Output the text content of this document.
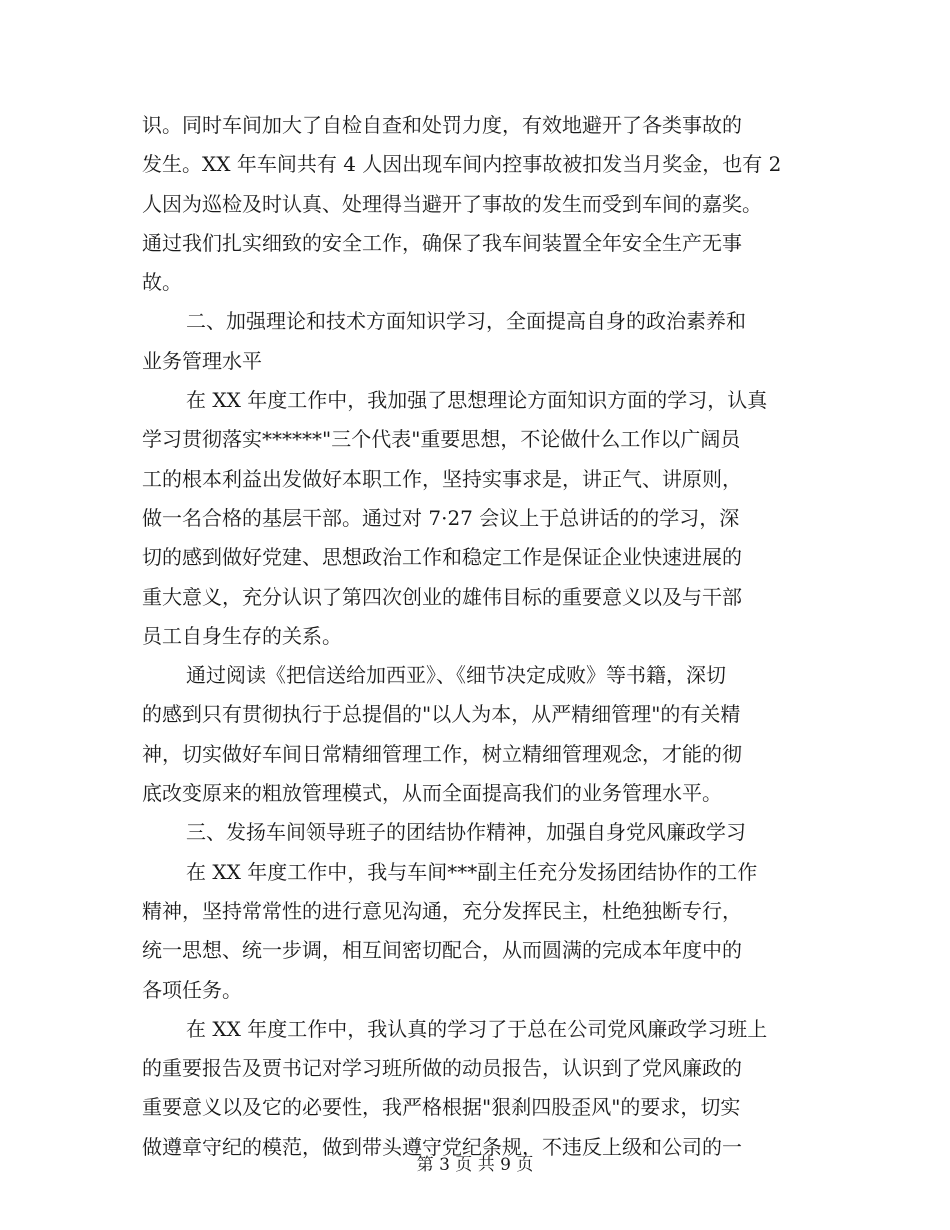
识。同时车间加大了自检自查和处罚力度，有效地避开了各类事故的
发生。XX 年车间共有 4 人因出现车间内控事故被扣发当月奖金，也有 2
人因为巡检及时认真、处理得当避开了事故的发生而受到车间的嘉奖。
通过我们扎实细致的安全工作，确保了我车间装置全年安全生产无事
故。
二、加强理论和技术方面知识学习，全面提高自身的政治素养和
业务管理水平
在 XX 年度工作中，我加强了思想理论方面知识方面的学习，认真
学习贯彻落实******"三个代表"重要思想，不论做什么工作以广阔员
工的根本利益出发做好本职工作，坚持实事求是，讲正气、讲原则，
做一名合格的基层干部。通过对 7·27 会议上于总讲话的的学习，深
切的感到做好党建、思想政治工作和稳定工作是保证企业快速进展的
重大意义，充分认识了第四次创业的雄伟目标的重要意义以及与干部
员工自身生存的关系。
通过阅读《把信送给加西亚》、《细节决定成败》等书籍，深切
的感到只有贯彻执行于总提倡的"以人为本，从严精细管理"的有关精
神，切实做好车间日常精细管理工作，树立精细管理观念，才能的彻
底改变原来的粗放管理模式，从而全面提高我们的业务管理水平。
三、发扬车间领导班子的团结协作精神，加强自身党风廉政学习
在 XX 年度工作中，我与车间***副主任充分发扬团结协作的工作
精神，坚持常常性的进行意见沟通，充分发挥民主，杜绝独断专行，
统一思想、统一步调，相互间密切配合，从而圆满的完成本年度中的
各项任务。
在 XX 年度工作中，我认真的学习了于总在公司党风廉政学习班上
的重要报告及贾书记对学习班所做的动员报告，认识到了党风廉政的
重要意义以及它的必要性，我严格根据"狠刹四股歪风"的要求，切实
做遵章守纪的模范，做到带头遵守党纪条规，不违反上级和公司的一
第 3 页 共 9 页
